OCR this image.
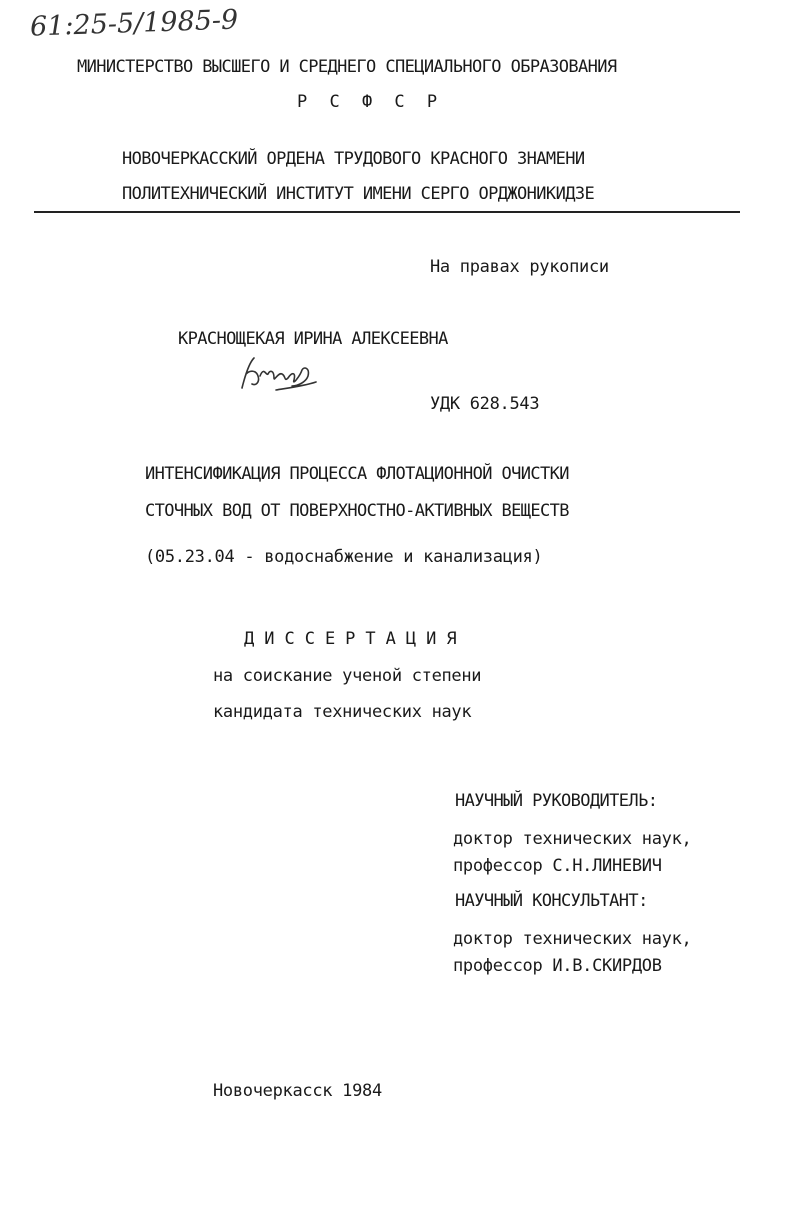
61:25-5/1985-9
МИНИСТЕРСТВО ВЫСШЕГО И СРЕДНЕГО СПЕЦИАЛЬНОГО ОБРАЗОВАНИЯ
Р С Ф С Р
НОВОЧЕРКАССКИЙ ОРДЕНА ТРУДОВОГО КРАСНОГО ЗНАМЕНИ
ПОЛИТЕХНИЧЕСКИЙ ИНСТИТУТ ИМЕНИ СЕРГО ОРДЖОНИКИДЗЕ
На правах рукописи
КРАСНОЩЕКАЯ ИРИНА АЛЕКСЕЕВНА
УДК 628.543
ИНТЕНСИФИКАЦИЯ ПРОЦЕССА ФЛОТАЦИОННОЙ ОЧИСТКИ
СТОЧНЫХ ВОД ОТ ПОВЕРХНОСТНО-АКТИВНЫХ ВЕЩЕСТВ
(05.23.04 - водоснабжение и канализация)
ДИССЕРТАЦИЯ
на соискание ученой степени
кандидата технических наук
НАУЧНЫЙ РУКОВОДИТЕЛЬ:
доктор технических наук,
профессор С.Н.ЛИНЕВИЧ
НАУЧНЫЙ КОНСУЛЬТАНТ:
доктор технических наук,
профессор И.В.СКИРДОВ
Новочеркасск 1984
